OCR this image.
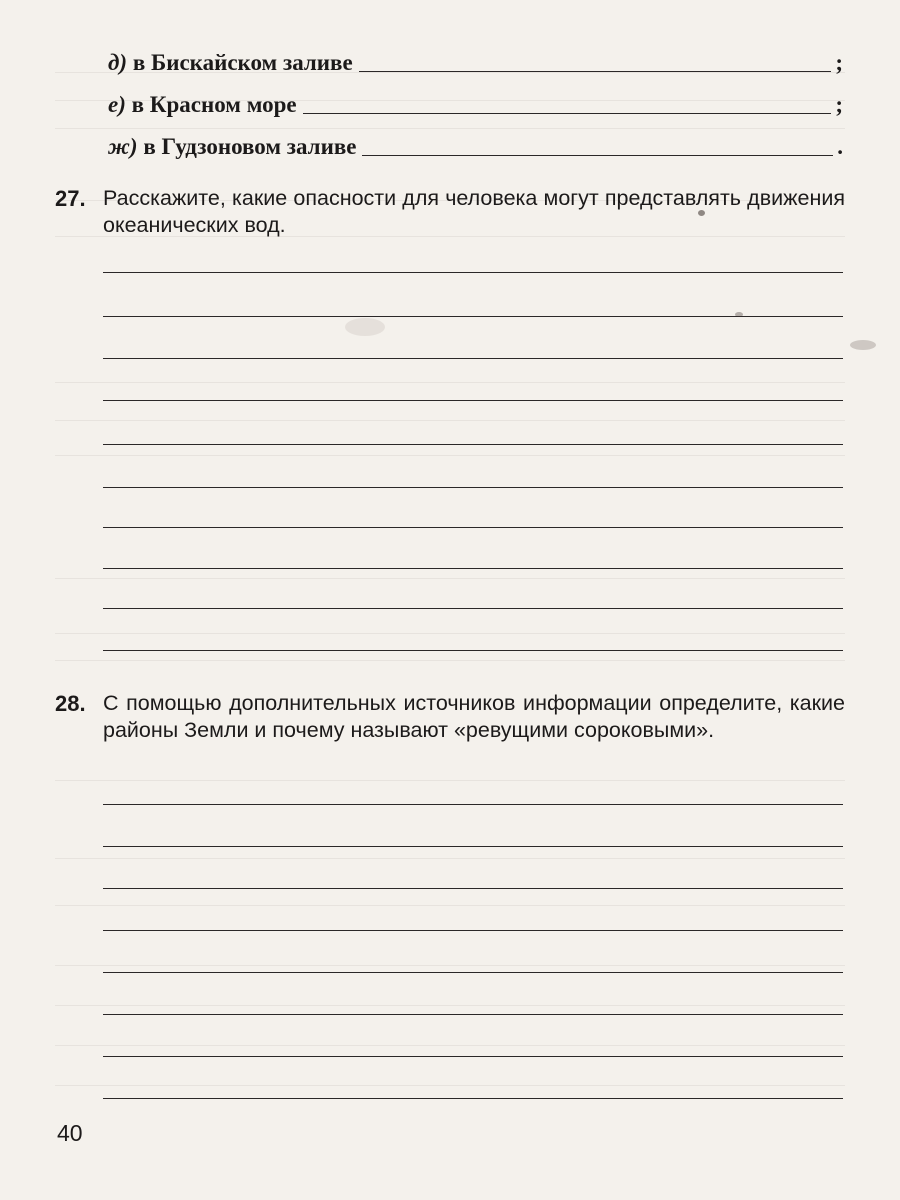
д) в Бискайском заливе	;
е) в Красном море	;
ж) в Гудзоновом заливе	.
27. Расскажите, какие опасности для человека могут представлять движения океанических вод.
28. С помощью дополнительных источников информации определите, какие районы Земли и почему называют «ревущими сороковыми».
40
